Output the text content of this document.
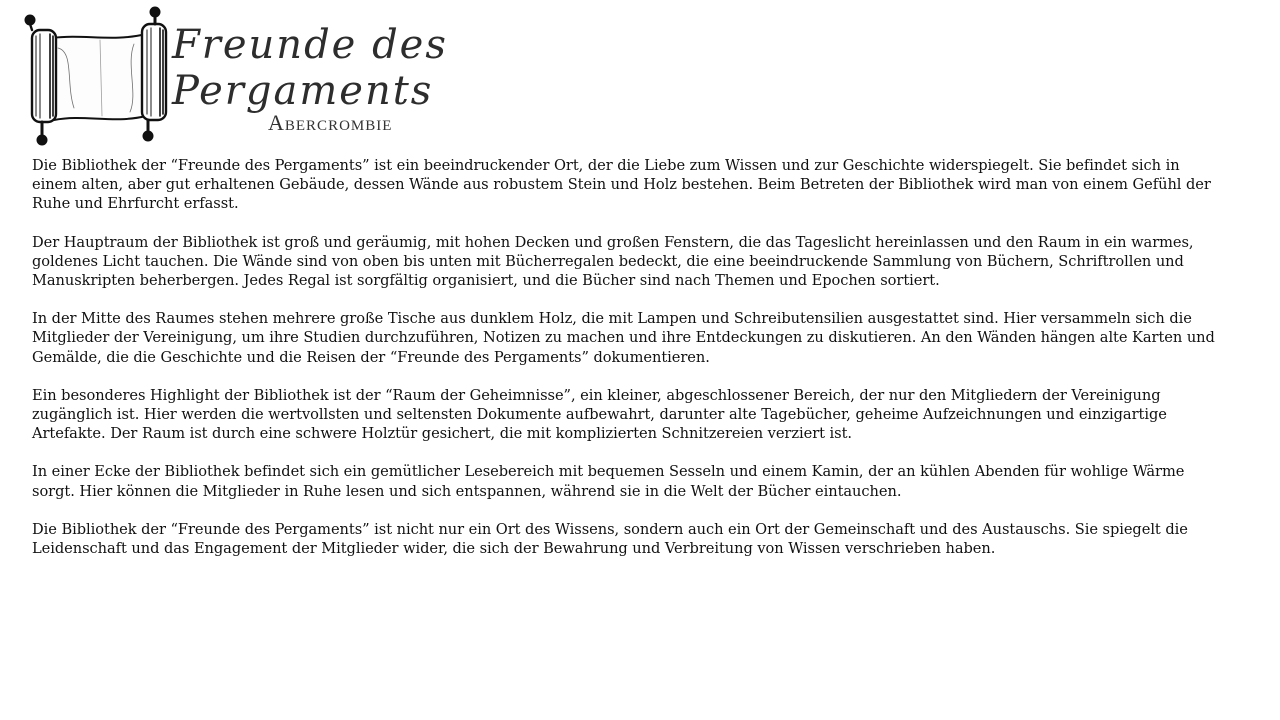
Freunde des
Pergaments
Abercrombie

Die Bibliothek der “Freunde des Pergaments” ist ein beeindruckender Ort, der die Liebe zum Wissen und zur Geschichte widerspiegelt. Sie befindet sich in einem alten, aber gut erhaltenen Gebäude, dessen Wände aus robustem Stein und Holz bestehen. Beim Betreten der Bibliothek wird man von einem Gefühl der Ruhe und Ehrfurcht erfasst.

Der Hauptraum der Bibliothek ist groß und geräumig, mit hohen Decken und großen Fenstern, die das Tageslicht hereinlassen und den Raum in ein warmes, goldenes Licht tauchen. Die Wände sind von oben bis unten mit Bücherregalen bedeckt, die eine beeindruckende Sammlung von Büchern, Schriftrollen und Manuskripten beherbergen. Jedes Regal ist sorgfältig organisiert, und die Bücher sind nach Themen und Epochen sortiert.

In der Mitte des Raumes stehen mehrere große Tische aus dunklem Holz, die mit Lampen und Schreibutensilien ausgestattet sind. Hier versammeln sich die Mitglieder der Vereinigung, um ihre Studien durchzuführen, Notizen zu machen und ihre Entdeckungen zu diskutieren. An den Wänden hängen alte Karten und Gemälde, die die Geschichte und die Reisen der “Freunde des Pergaments” dokumentieren.

Ein besonderes Highlight der Bibliothek ist der “Raum der Geheimnisse”, ein kleiner, abgeschlossener Bereich, der nur den Mitgliedern der Vereinigung zugänglich ist. Hier werden die wertvollsten und seltensten Dokumente aufbewahrt, darunter alte Tagebücher, geheime Aufzeichnungen und einzigartige Artefakte. Der Raum ist durch eine schwere Holztür gesichert, die mit komplizierten Schnitzereien verziert ist.

In einer Ecke der Bibliothek befindet sich ein gemütlicher Lesebereich mit bequemen Sesseln und einem Kamin, der an kühlen Abenden für wohlige Wärme sorgt. Hier können die Mitglieder in Ruhe lesen und sich entspannen, während sie in die Welt der Bücher eintauchen.

Die Bibliothek der “Freunde des Pergaments” ist nicht nur ein Ort des Wissens, sondern auch ein Ort der Gemeinschaft und des Austauschs. Sie spiegelt die Leidenschaft und das Engagement der Mitglieder wider, die sich der Bewahrung und Verbreitung von Wissen verschrieben haben.
